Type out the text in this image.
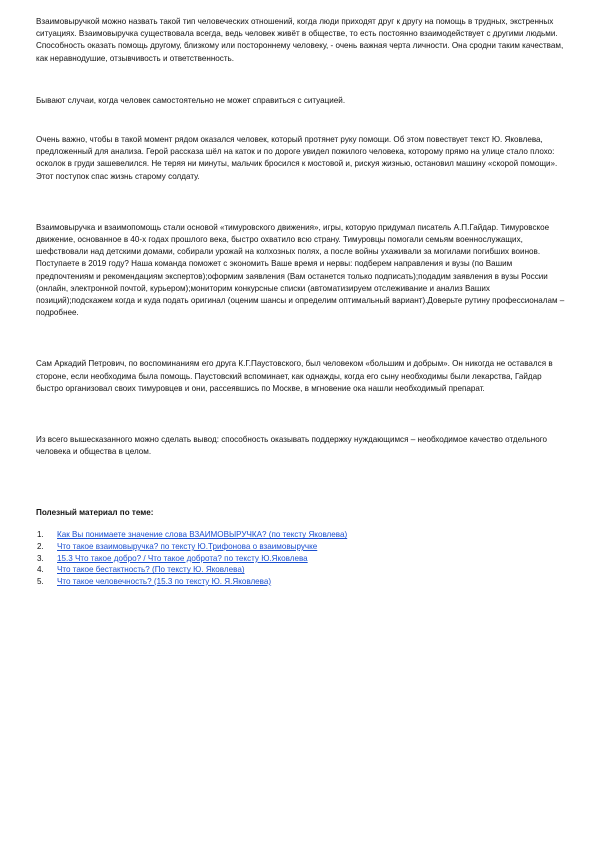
Взаимовыручкой можно назвать такой тип человеческих отношений, когда люди приходят друг к другу на помощь в трудных, экстренных ситуациях. Взаимовыручка существовала всегда, ведь человек живёт в обществе, то есть постоянно взаимодействует с другими людьми. Способность оказать помощь другому, близкому или постороннему человеку, - очень важная черта личности. Она сродни таким качествам, как неравнодушие, отзывчивость и ответственность.

Бывают случаи, когда человек самостоятельно не может справиться с ситуацией.

Очень важно, чтобы в такой момент рядом оказался человек, который протянет руку помощи. Об этом повествует текст Ю. Яковлева, предложенный для анализа. Герой рассказа шёл на каток и по дороге увидел пожилого человека, которому прямо на улице стало плохо: осколок в груди зашевелился. Не теряя ни минуты, мальчик бросился к мостовой и, рискуя жизнью, остановил машину «скорой помощи». Этот поступок спас жизнь старому солдату.

Взаимовыручка и взаимопомощь стали основой «тимуровского движения», игры, которую придумал писатель А.П.Гайдар. Тимуровское движение, основанное в 40-х годах прошлого века, быстро охватило всю страну. Тимуровцы помогали семьям военнослужащих, шефствовали над детскими домами, собирали урожай на колхозных полях, а после войны ухаживали за могилами погибших воинов. Поступаете в 2019 году? Наша команда поможет с экономить Ваше время и нервы: подберем направления и вузы (по Вашим предпочтениям и рекомендациям экспертов);оформим заявления (Вам останется только подписать);подадим заявления в вузы России (онлайн, электронной почтой, курьером);мониторим конкурсные списки (автоматизируем отслеживание и анализ Ваших позиций);подскажем когда и куда подать оригинал (оценим шансы и определим оптимальный вариант).Доверьте рутину профессионалам – подробнее.

Сам Аркадий Петрович, по воспоминаниям его друга К.Г.Паустовского, был человеком «большим и добрым». Он никогда не оставался в стороне, если необходима была помощь. Паустовский вспоминает, как однажды, когда его сыну необходимы были лекарства, Гайдар быстро организовал своих тимуровцев и они, рассеявшись по Москве, в мгновение ока нашли необходимый препарат.

Из всего вышесказанного можно сделать вывод: способность оказывать поддержку нуждающимся – необходимое качество отдельного человека и общества в целом.

Полезный материал по теме:
1.	Как Вы понимаете значение слова ВЗАИМОВЫРУЧКА? (по тексту Яковлева)
2.	Что такое взаимовыручка? по тексту Ю.Трифонова о взаимовыручке
3.	15.3 Что такое добро? / Что такое доброта? по тексту Ю.Яковлева
4.	Что такое бестактность? (По тексту Ю. Яковлева)
5.	Что такое человечность? (15.3 по тексту Ю. Я.Яковлева)
